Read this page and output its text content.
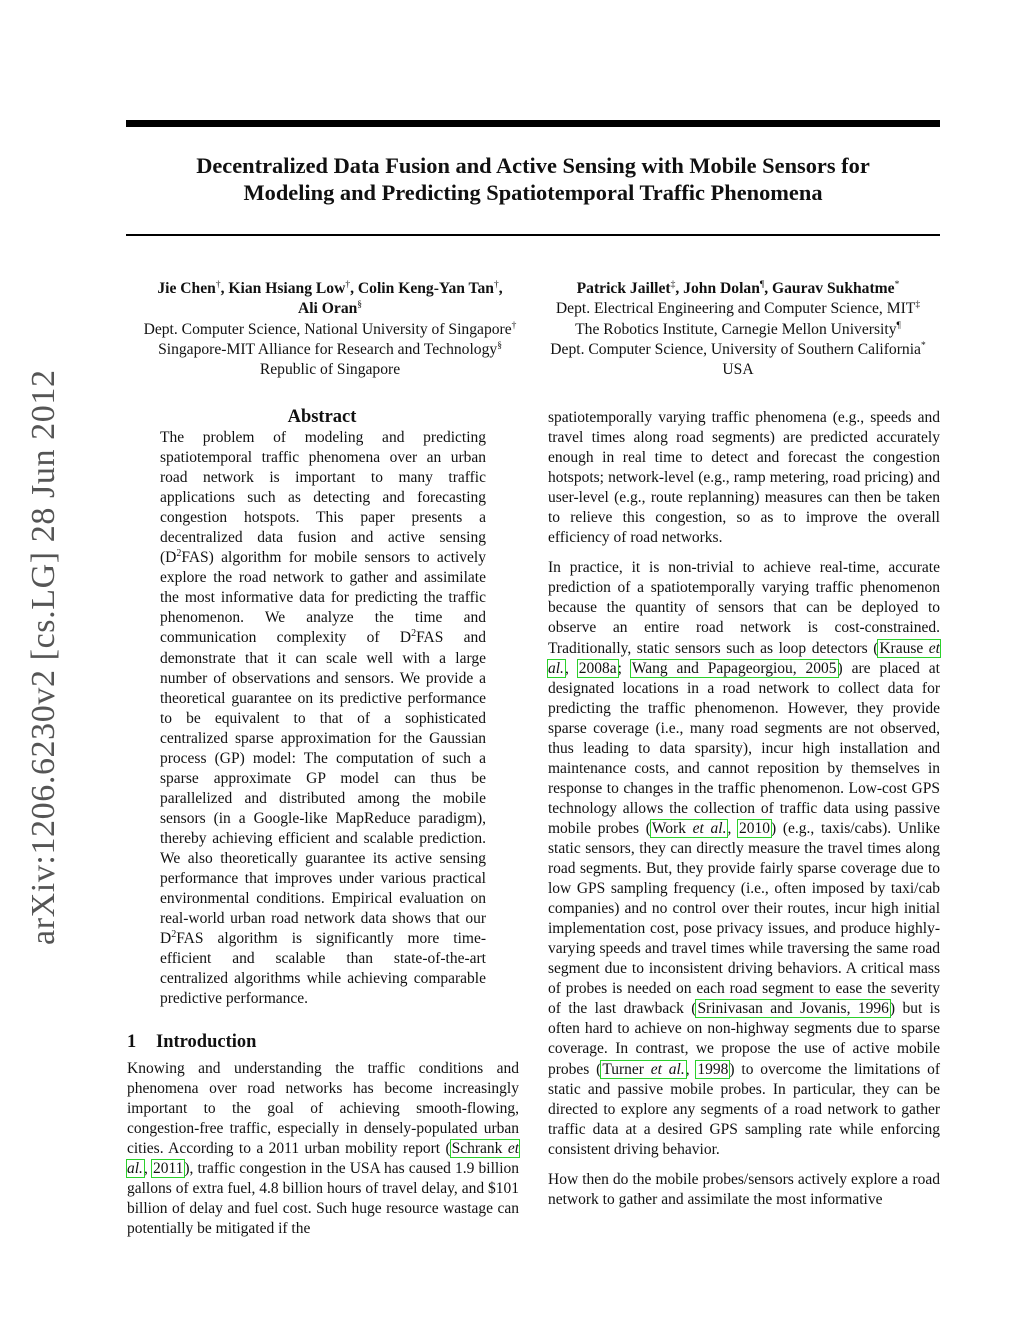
arXiv:1206.6230v2 [cs.LG] 28 Jun 2012
Decentralized Data Fusion and Active Sensing with Mobile Sensors for
Modeling and Predicting Spatiotemporal Traffic Phenomena
Jie Chen†, Kian Hsiang Low†, Colin Keng-Yan Tan†,
Ali Oran§
Dept. Computer Science, National University of Singapore†
Singapore-MIT Alliance for Research and Technology§
Republic of Singapore
Patrick Jaillet‡, John Dolan¶, Gaurav Sukhatme*
Dept. Electrical Engineering and Computer Science, MIT‡
The Robotics Institute, Carnegie Mellon University¶
Dept. Computer Science, University of Southern California*
USA
Abstract
The problem of modeling and predicting spatiotemporal traffic phenomena over an urban road network is important to many traffic applications such as detecting and forecasting congestion hotspots. This paper presents a decentralized data fusion and active sensing $(D^2FAS)$ algorithm for mobile sensors to actively explore the road network to gather and assimilate the most informative data for predicting the traffic phenomenon. We analyze the time and communication complexity of $D^2FAS$ and demonstrate that it can scale well with a large number of observations and sensors. We provide a theoretical guarantee on its predictive performance to be equivalent to that of a sophisticated centralized sparse approximation for the Gaussian process (GP) model: The computation of such a sparse approximate GP model can thus be parallelized and distributed among the mobile sensors (in a Google-like MapReduce paradigm), thereby achieving efficient and scalable prediction. We also theoretically guarantee its active sensing performance that improves under various practical environmental conditions. Empirical evaluation on real-world urban road network data shows that our $D^2FAS$ algorithm is significantly more time-efficient and scalable than state-of-the-art centralized algorithms while achieving comparable predictive performance.
1 Introduction

Knowing and understanding the traffic conditions and phenomena over road networks has become increasingly important to the goal of achieving smooth-flowing, congestion-free traffic, especially in densely-populated urban cities. According to a 2011 urban mobility report (Schrank et al., 2011), traffic congestion in the USA has caused 1.9 billion gallons of extra fuel, 4.8 billion hours of travel delay, and $101 billion of delay and fuel cost. Such huge resource wastage can potentially be mitigated if the

spatiotemporally varying traffic phenomena (e.g., speeds and travel times along road segments) are predicted accurately enough in real time to detect and forecast the congestion hotspots; network-level (e.g., ramp metering, road pricing) and user-level (e.g., route replanning) measures can then be taken to relieve this congestion, so as to improve the overall efficiency of road networks.

In practice, it is non-trivial to achieve real-time, accurate prediction of a spatiotemporally varying traffic phenomenon because the quantity of sensors that can be deployed to observe an entire road network is cost-constrained. Traditionally, static sensors such as loop detectors (Krause et al., 2008a; Wang and Papageorgiou, 2005) are placed at designated locations in a road network to collect data for predicting the traffic phenomenon. However, they provide sparse coverage (i.e., many road segments are not observed, thus leading to data sparsity), incur high installation and maintenance costs, and cannot reposition by themselves in response to changes in the traffic phenomenon. Low-cost GPS technology allows the collection of traffic data using passive mobile probes (Work et al., 2010) (e.g., taxis/cabs). Unlike static sensors, they can directly measure the travel times along road segments. But, they provide fairly sparse coverage due to low GPS sampling frequency (i.e., often imposed by taxi/cab companies) and no control over their routes, incur high initial implementation cost, pose privacy issues, and produce highly-varying speeds and travel times while traversing the same road segment due to inconsistent driving behaviors. A critical mass of probes is needed on each road segment to ease the severity of the last drawback (Srinivasan and Jovanis, 1996) but is often hard to achieve on non-highway segments due to sparse coverage. In contrast, we propose the use of active mobile probes (Turner et al., 1998) to overcome the limitations of static and passive mobile probes. In particular, they can be directed to explore any segments of a road network to gather traffic data at a desired GPS sampling rate while enforcing consistent driving behavior.

How then do the mobile probes/sensors actively explore a road network to gather and assimilate the most informative
